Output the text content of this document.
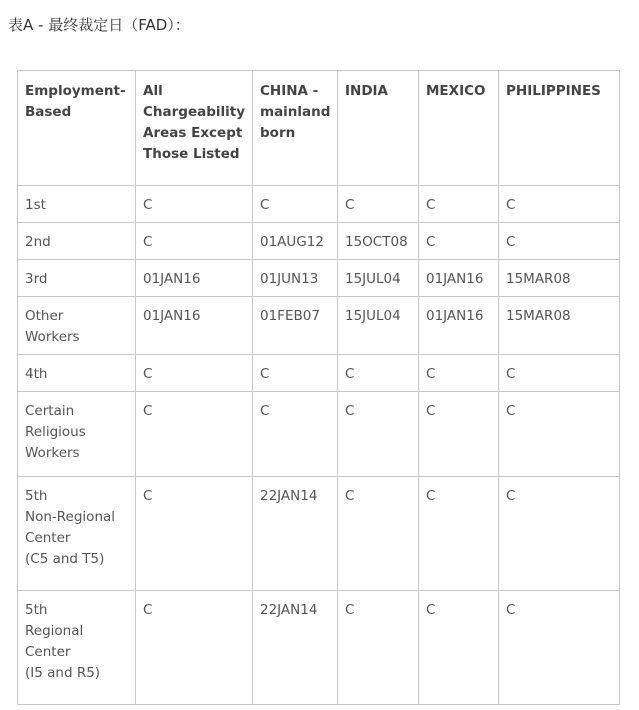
表A - 最终裁定日（FAD）：
Employment-
Based	All
Chargeability
Areas Except
Those Listed	CHINA -
mainland
born	INDIA	MEXICO	PHILIPPINES
1st	C	C	C	C	C
2nd	C	01AUG12	15OCT08	C	C
3rd	01JAN16	01JUN13	15JUL04	01JAN16	15MAR08
Other
Workers	01JAN16	01FEB07	15JUL04	01JAN16	15MAR08
4th	C	C	C	C	C
Certain
Religious
Workers	C	C	C	C	C
5th
Non-Regional
Center
(C5 and T5)	C	22JAN14	C	C	C
5th
Regional
Center
(I5 and R5)	C	22JAN14	C	C	C
